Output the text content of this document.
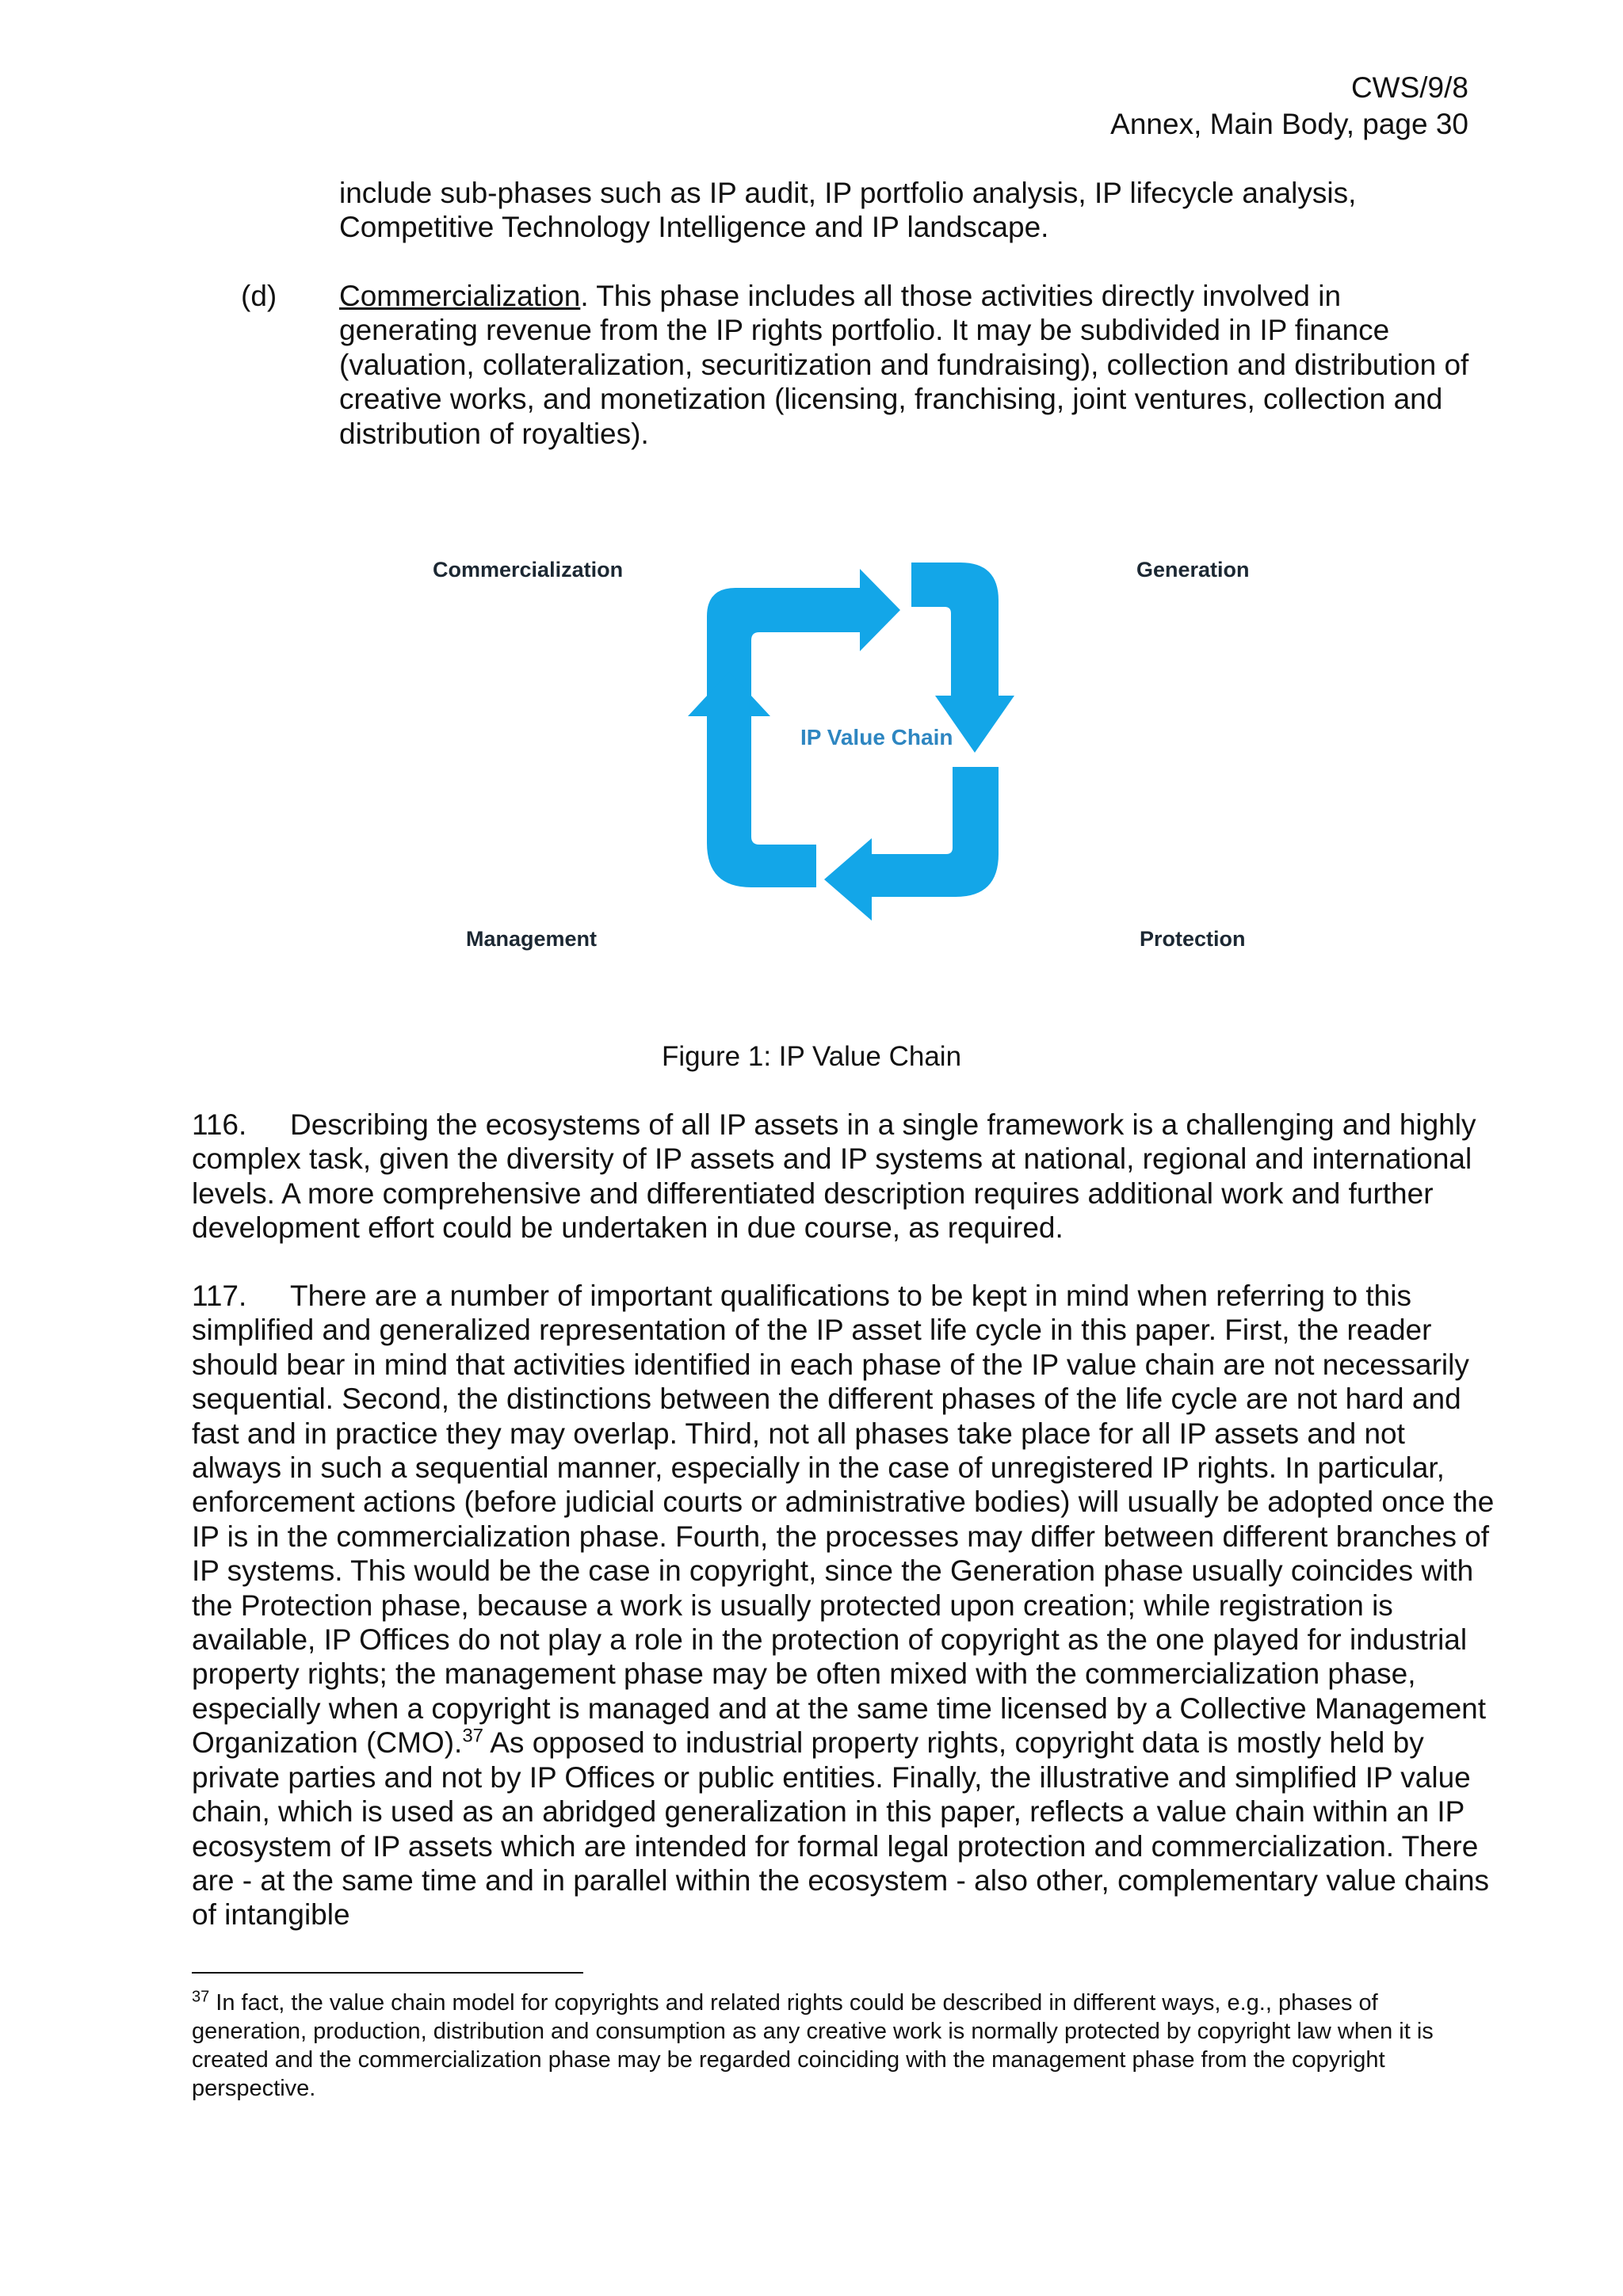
CWS/9/8
Annex, Main Body, page 30
include sub-phases such as IP audit, IP portfolio analysis, IP lifecycle analysis, Competitive Technology Intelligence and IP landscape.
(d) Commercialization. This phase includes all those activities directly involved in generating revenue from the IP rights portfolio. It may be subdivided in IP finance (valuation, collateralization, securitization and fundraising), collection and distribution of creative works, and monetization (licensing, franchising, joint ventures, collection and distribution of royalties).
Commercialization	Generation
Management	Protection
IP Value Chain
Figure 1: IP Value Chain
116. Describing the ecosystems of all IP assets in a single framework is a challenging and highly complex task, given the diversity of IP assets and IP systems at national, regional and international levels. A more comprehensive and differentiated description requires additional work and further development effort could be undertaken in due course, as required.
117. There are a number of important qualifications to be kept in mind when referring to this simplified and generalized representation of the IP asset life cycle in this paper. First, the reader should bear in mind that activities identified in each phase of the IP value chain are not necessarily sequential. Second, the distinctions between the different phases of the life cycle are not hard and fast and in practice they may overlap. Third, not all phases take place for all IP assets and not always in such a sequential manner, especially in the case of unregistered IP rights. In particular, enforcement actions (before judicial courts or administrative bodies) will usually be adopted once the IP is in the commercialization phase. Fourth, the processes may differ between different branches of IP systems. This would be the case in copyright, since the Generation phase usually coincides with the Protection phase, because a work is usually protected upon creation; while registration is available, IP Offices do not play a role in the protection of copyright as the one played for industrial property rights; the management phase may be often mixed with the commercialization phase, especially when a copyright is managed and at the same time licensed by a Collective Management Organization (CMO).$^{37}$ As opposed to industrial property rights, copyright data is mostly held by private parties and not by IP Offices or public entities. Finally, the illustrative and simplified IP value chain, which is used as an abridged generalization in this paper, reflects a value chain within an IP ecosystem of IP assets which are intended for formal legal protection and commercialization. There are - at the same time and in parallel within the ecosystem - also other, complementary value chains of intangible
$^{37}$ In fact, the value chain model for copyrights and related rights could be described in different ways, e.g., phases of generation, production, distribution and consumption as any creative work is normally protected by copyright law when it is created and the commercialization phase may be regarded coinciding with the management phase from the copyright perspective.
